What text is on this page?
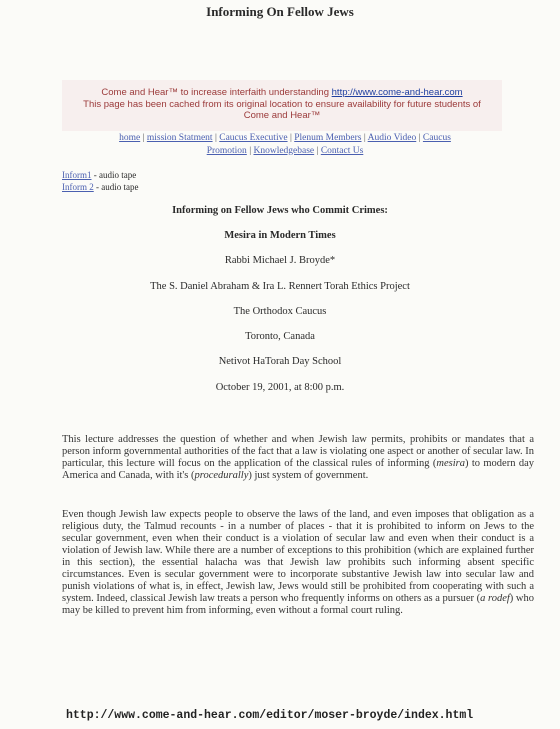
Informing On Fellow Jews
Come and Hear™ to increase interfaith understanding http://www.come-and-hear.com
This page has been cached from its original location to ensure availability for future students of
Come and Hear™
home | mission Statment | Caucus Executive | Plenum Members | Audio Video | Caucus Promotion | Knowledgebase | Contact Us
Inform1 - audio tape
Inform 2 - audio tape
Informing on Fellow Jews who Commit Crimes:
Mesira in Modern Times
Rabbi Michael J. Broyde*
The S. Daniel Abraham & Ira L. Rennert Torah Ethics Project
The Orthodox Caucus
Toronto, Canada
Netivot HaTorah Day School
October 19, 2001, at 8:00 p.m.
This lecture addresses the question of whether and when Jewish law permits, prohibits or mandates that a person inform governmental authorities of the fact that a law is violating one aspect or another of secular law. In particular, this lecture will focus on the application of the classical rules of informing (mesira) to modern day America and Canada, with it's (procedurally) just system of government.
Even though Jewish law expects people to observe the laws of the land, and even imposes that obligation as a religious duty, the Talmud recounts - in a number of places - that it is prohibited to inform on Jews to the secular government, even when their conduct is a violation of secular law and even when their conduct is a violation of Jewish law. While there are a number of exceptions to this prohibition (which are explained further in this section), the essential halacha was that Jewish law prohibits such informing absent specific circumstances. Even is secular government were to incorporate substantive Jewish law into secular law and punish violations of what is, in effect, Jewish law, Jews would still be prohibited from cooperating with such a system. Indeed, classical Jewish law treats a person who frequently informs on others as a pursuer (a rodef) who may be killed to prevent him from informing, even without a formal court ruling.
http://www.come-and-hear.com/editor/moser-broyde/index.html
